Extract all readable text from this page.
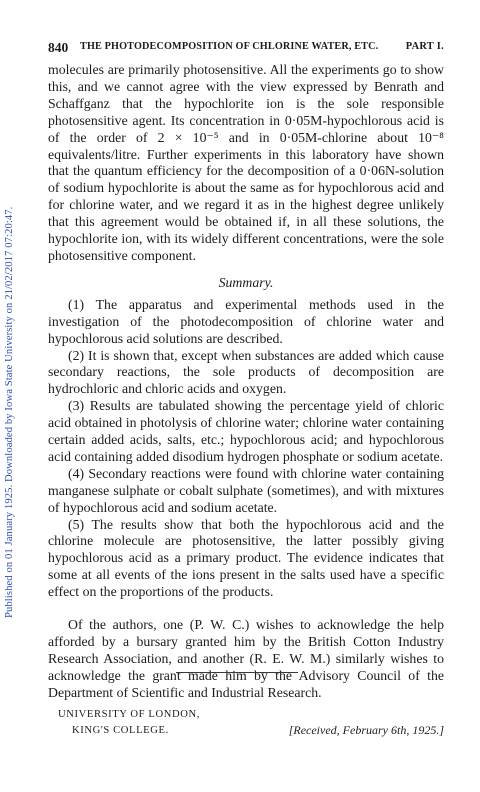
Published on 01 January 1925. Downloaded by Iowa State University on 21/02/2017 07:20:47.
840 THE PHOTODECOMPOSITION OF CHLORINE WATER, ETC.	PART I.

molecules are primarily photosensitive. All the experiments go to show this, and we cannot agree with the view expressed by Benrath and Schaffganz that the hypochlorite ion is the sole responsible photosensitive agent. Its concentration in 0·05M-hypochlorous acid is of the order of 2 × 10⁻⁵ and in 0·05M-chlorine about 10⁻⁸ equivalents/litre. Further experiments in this laboratory have shown that the quantum efficiency for the decomposition of a 0·06N-solution of sodium hypochlorite is about the same as for hypochlorous acid and for chlorine water, and we regard it as in the highest degree unlikely that this agreement would be obtained if, in all these solutions, the hypochlorite ion, with its widely different concentrations, were the sole photosensitive component.

Summary.

(1) The apparatus and experimental methods used in the investigation of the photodecomposition of chlorine water and hypochlorous acid solutions are described.

(2) It is shown that, except when substances are added which cause secondary reactions, the sole products of decomposition are hydrochloric and chloric acids and oxygen.

(3) Results are tabulated showing the percentage yield of chloric acid obtained in photolysis of chlorine water; chlorine water containing certain added acids, salts, etc.; hypochlorous acid; and hypochlorous acid containing added disodium hydrogen phosphate or sodium acetate.

(4) Secondary reactions were found with chlorine water containing manganese sulphate or cobalt sulphate (sometimes), and with mixtures of hypochlorous acid and sodium acetate.

(5) The results show that both the hypochlorous acid and the chlorine molecule are photosensitive, the latter possibly giving hypochlorous acid as a primary product. The evidence indicates that some at all events of the ions present in the salts used have a specific effect on the proportions of the products.

Of the authors, one (P. W. C.) wishes to acknowledge the help afforded by a bursary granted him by the British Cotton Industry Research Association, and another (R. E. W. M.) similarly wishes to acknowledge the grant made him by the Advisory Council of the Department of Scientific and Industrial Research.

UNIVERSITY OF LONDON,
KING'S COLLEGE.	[Received, February 6th, 1925.]
